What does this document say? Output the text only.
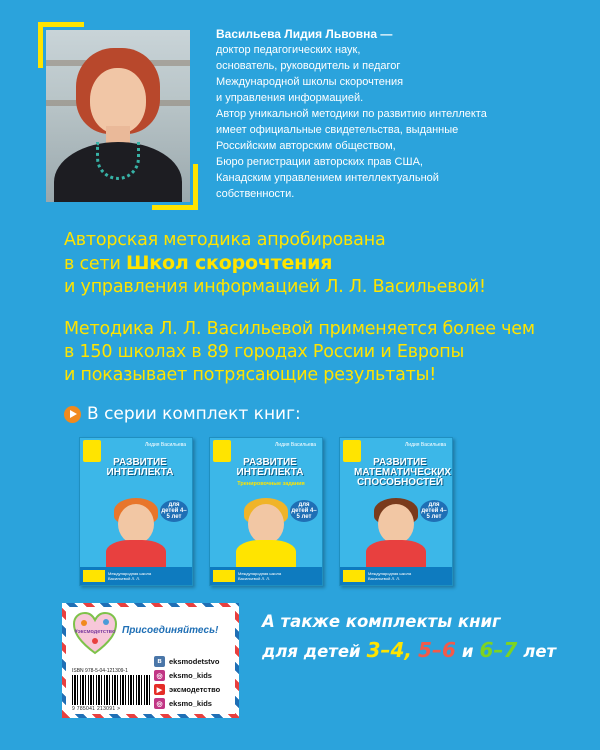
Васильева Лидия Львовна —

доктор педагогических наук,
основатель, руководитель и педагог
Международной школы скорочтения
и управления информацией.
Автор уникальной методики по развитию интеллекта
имеет официальные свидетельства, выданные
Российским авторским обществом,
Бюро регистрации авторских прав США,
Канадским управлением интеллектуальной
собственности.

Авторская методика апробирована
в сети Школ скорочтения
и управления информацией Л. Л. Васильевой!
Методика Л. Л. Васильевой применяется более чем
в 150 школах в 89 городах России и Европы
и показывает потрясающие результаты!
В серии комплект книг:
Лидия Васильева
РАЗВИТИЕ ИНТЕЛЛЕКТА
для детей 4–5 лет
Международная школа Васильевой Л. Л.
Лидия Васильева
РАЗВИТИЕ ИНТЕЛЛЕКТА
Тренировочные задания
для детей 4–5 лет
Международная школа Васильевой Л. Л.
Лидия Васильева
РАЗВИТИЕ МАТЕМАТИЧЕСКИХ СПОСОБНОСТЕЙ
для детей 4–5 лет
Международная школа Васильевой Л. Л.
#эксмодетство Присоединяйтесь!
ISBN 978-5-04-121309-1
9 785041 213091 >
в eksmodetstvo
◎ eksmo_kids
▶ эксмодетство
◎ eksmo_kids
А также комплекты книг
для детей 3–4, 5–6 и 6–7 лет
